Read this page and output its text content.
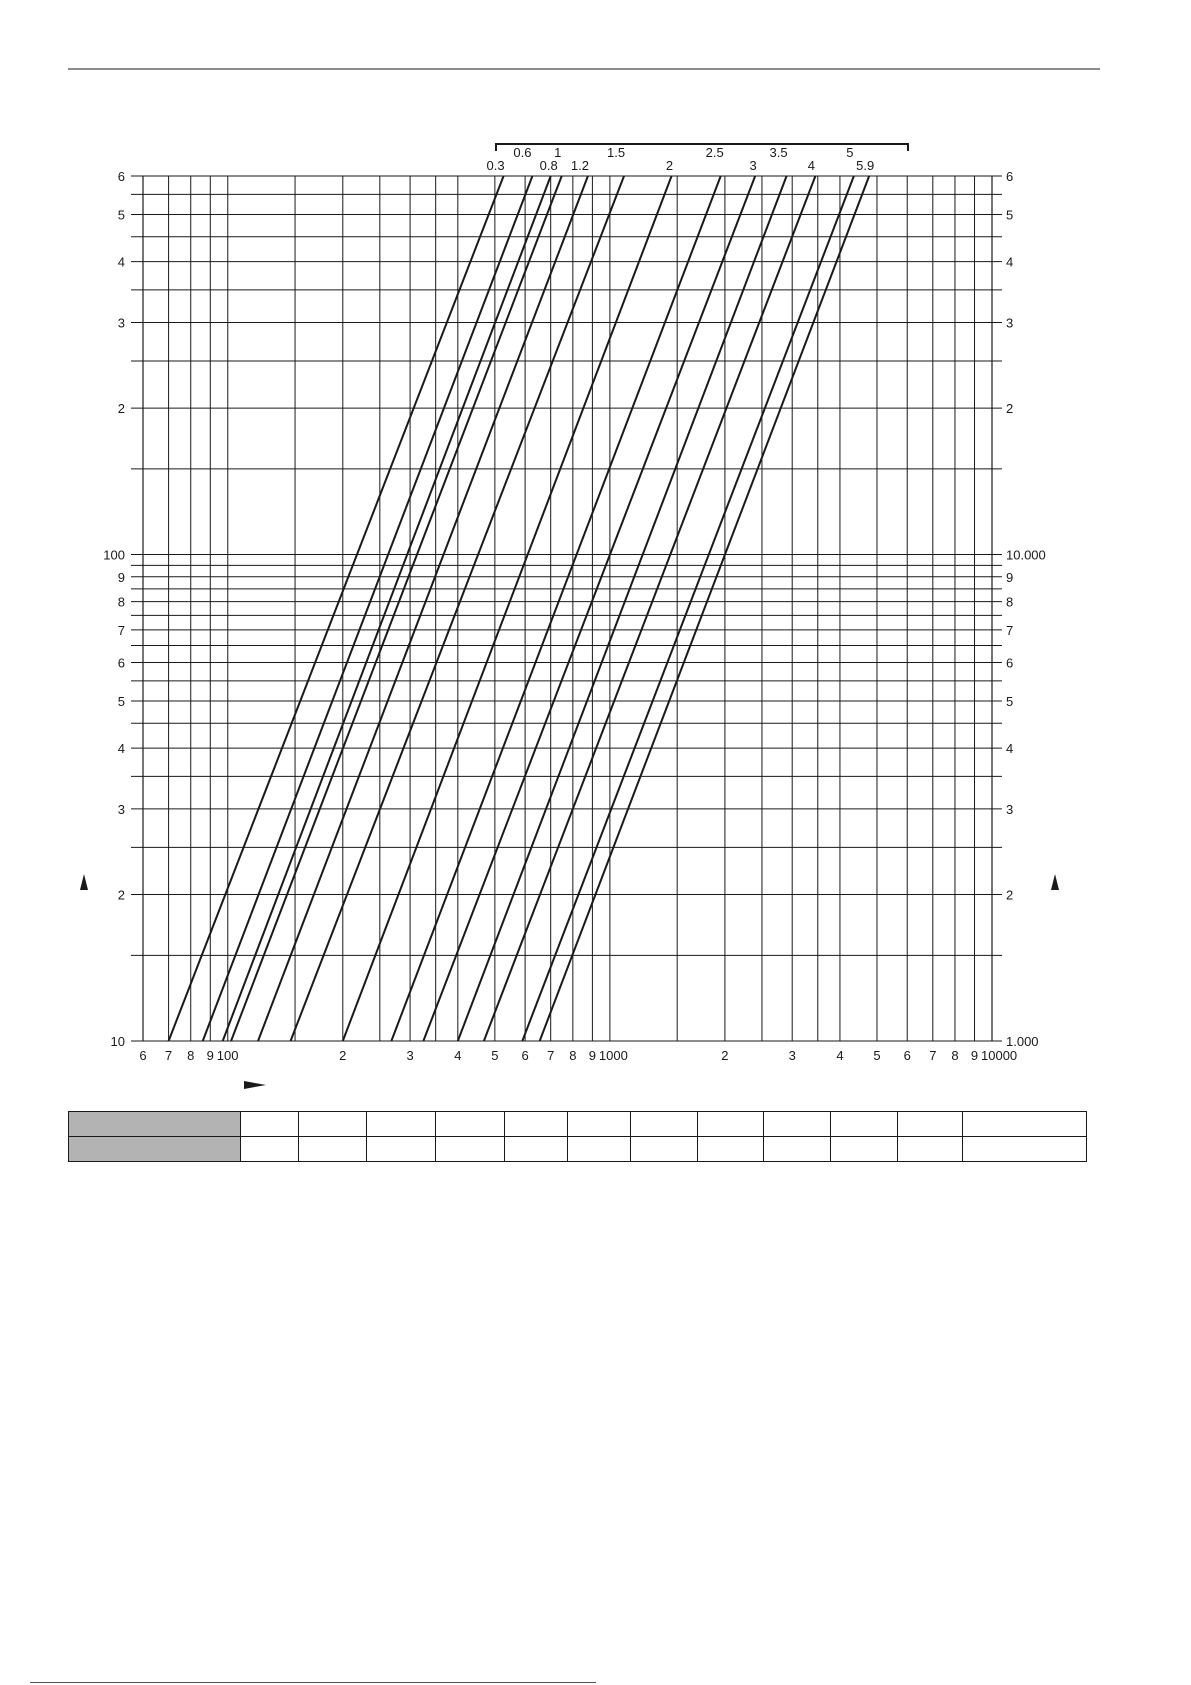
0.3
0.6
0.8
1
1.2
1.5
2
2.5
3
3.5
4
5
5.9
6 7 8 9 100	2	3	4 5 6 7 8 9 1000	2	3	4 5 6 7 8 9 10000
10
2
3
4
5
6
7
8
9
100
2
3
4
5
6
1.000
2
3
4
5
6
7
8
9
10.000
2
3
4
5
6
